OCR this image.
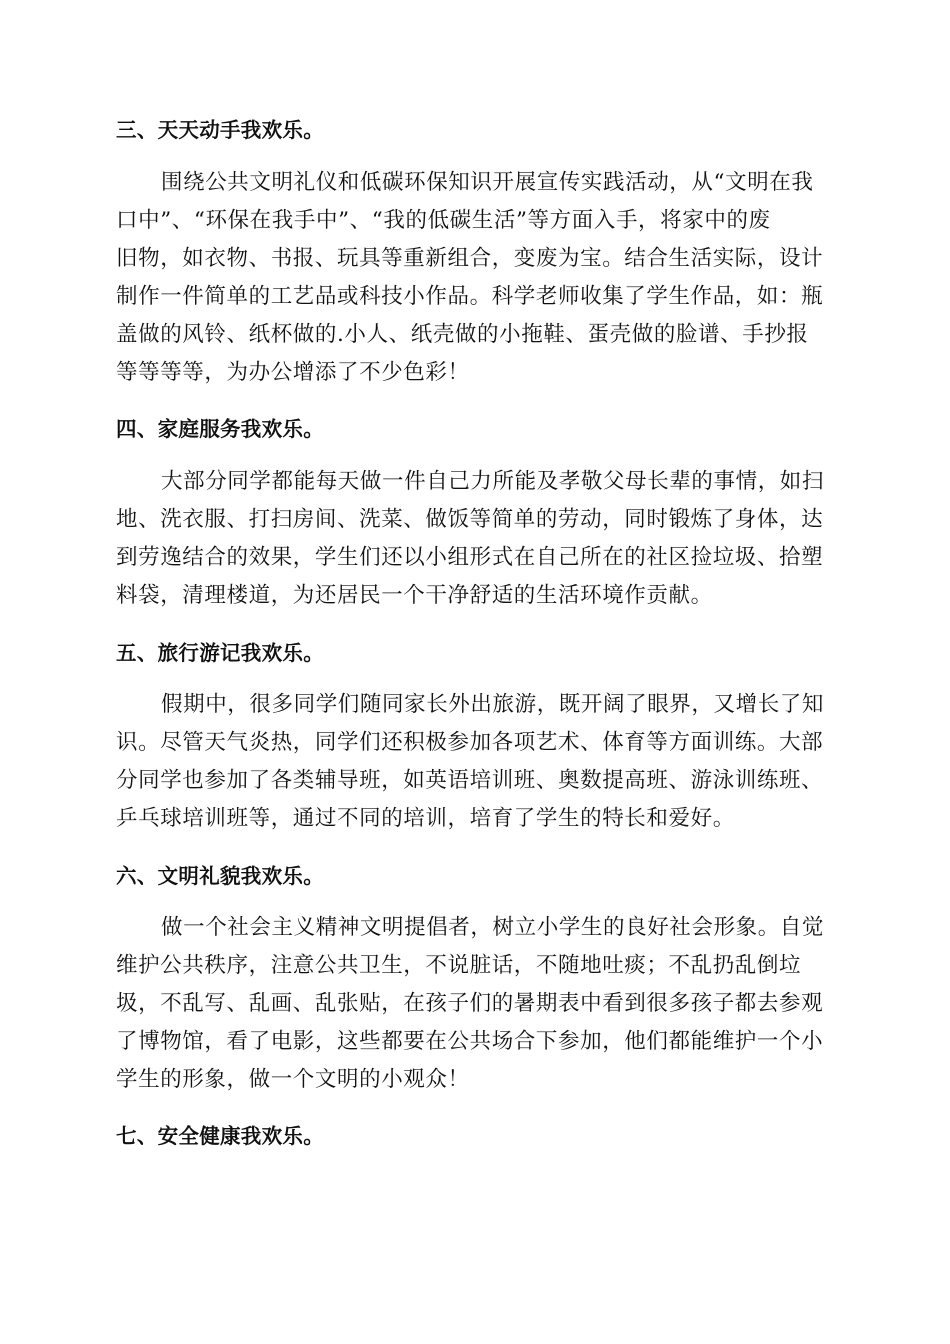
三、天天动手我欢乐。
围绕公共文明礼仪和低碳环保知识开展宣传实践活动，从“文明在我
口中”、“环保在我手中”、“我的低碳生活”等方面入手，将家中的废
旧物，如衣物、书报、玩具等重新组合，变废为宝。结合生活实际，设计
制作一件简单的工艺品或科技小作品。科学老师收集了学生作品，如：瓶
盖做的风铃、纸杯做的.小人、纸壳做的小拖鞋、蛋壳做的脸谱、手抄报
等等等等，为办公增添了不少色彩！
四、家庭服务我欢乐。
大部分同学都能每天做一件自己力所能及孝敬父母长辈的事情，如扫
地、洗衣服、打扫房间、洗菜、做饭等简单的劳动，同时锻炼了身体，达
到劳逸结合的效果，学生们还以小组形式在自己所在的社区捡垃圾、拾塑
料袋，清理楼道，为还居民一个干净舒适的生活环境作贡献。
五、旅行游记我欢乐。
假期中，很多同学们随同家长外出旅游，既开阔了眼界，又增长了知
识。尽管天气炎热，同学们还积极参加各项艺术、体育等方面训练。大部
分同学也参加了各类辅导班，如英语培训班、奥数提高班、游泳训练班、
乒乓球培训班等，通过不同的培训，培育了学生的特长和爱好。
六、文明礼貌我欢乐。
做一个社会主义精神文明提倡者，树立小学生的良好社会形象。自觉
维护公共秩序，注意公共卫生，不说脏话，不随地吐痰；不乱扔乱倒垃
圾，不乱写、乱画、乱张贴，在孩子们的暑期表中看到很多孩子都去参观
了博物馆，看了电影，这些都要在公共场合下参加，他们都能维护一个小
学生的形象，做一个文明的小观众！
七、安全健康我欢乐。
